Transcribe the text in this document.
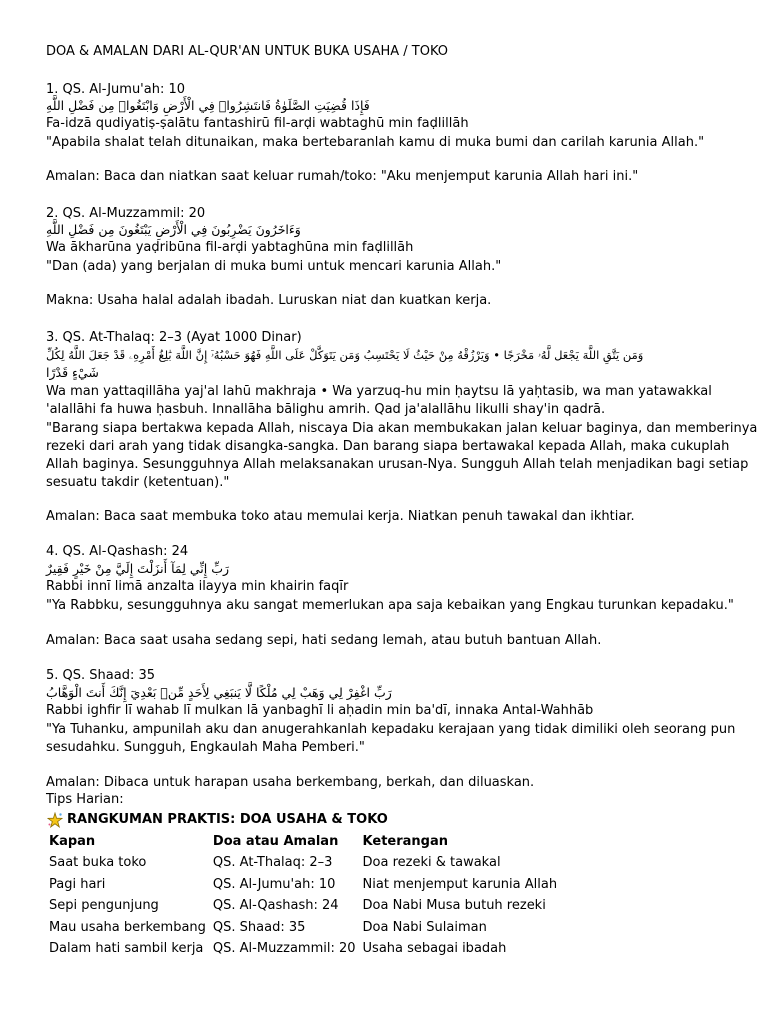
DOA & AMALAN DARI AL-QUR'AN UNTUK BUKA USAHA / TOKO
1. QS. Al-Jumu'ah: 10
فَإِذَا قُضِيَتِ الصَّلَوٰةُ فَانتَشِرُوا۟ فِي الْأَرْضِ وَابْتَغُوا۟ مِن فَضْلِ اللَّهِ
Fa-idzā qudiyatiṣ-ṣalātu fantashirū fil-arḍi wabtaghū min faḍlillāh
"Apabila shalat telah ditunaikan, maka bertebaranlah kamu di muka bumi dan carilah karunia Allah."
Amalan: Baca dan niatkan saat keluar rumah/toko: "Aku menjemput karunia Allah hari ini."
2. QS. Al-Muzzammil: 20
وَءَاخَرُونَ يَضْرِبُونَ فِي الْأَرْضِ يَبْتَغُونَ مِن فَضْلِ اللَّهِ
Wa ākharūna yaḍribūna fil-arḍi yabtaghūna min faḍlillāh
"Dan (ada) yang berjalan di muka bumi untuk mencari karunia Allah."
Makna: Usaha halal adalah ibadah. Luruskan niat dan kuatkan kerja.
3. QS. At-Thalaq: 2–3 (Ayat 1000 Dinar)
وَمَن يَتَّقِ اللَّهَ يَجْعَل لَّهُۥ مَخْرَجًا • وَيَرْزُقْهُ مِنْ حَيْثُ لَا يَحْتَسِبُ وَمَن يَتَوَكَّلْ عَلَى اللَّهِ فَهُوَ حَسْبُهُۥٓ إِنَّ اللَّهَ بَٰلِغُ أَمْرِهِۦ قَدْ جَعَلَ اللَّهُ لِكُلِّ
شَيْءٍ قَدْرًا
Wa man yattaqillāha yaj'al lahū makhraja • Wa yarzuq-hu min ḥaytsu lā yaḥtasib, wa man yatawakkal
'alallāhi fa huwa ḥasbuh. Innallāha bālighu amrih. Qad ja'alallāhu likulli shay'in qadrā.
"Barang siapa bertakwa kepada Allah, niscaya Dia akan membukakan jalan keluar baginya, dan memberinya
rezeki dari arah yang tidak disangka-sangka. Dan barang siapa bertawakal kepada Allah, maka cukuplah
Allah baginya. Sesungguhnya Allah melaksanakan urusan-Nya. Sungguh Allah telah menjadikan bagi setiap
sesuatu takdir (ketentuan)."
Amalan: Baca saat membuka toko atau memulai kerja. Niatkan penuh tawakal dan ikhtiar.
4. QS. Al-Qashash: 24
رَبِّ إِنِّي لِمَآ أَنزَلْتَ إِلَيَّ مِنْ خَيْرٍ فَقِيرٌ
Rabbi innī limā anzalta ilayya min khairin faqīr
"Ya Rabbku, sesungguhnya aku sangat memerlukan apa saja kebaikan yang Engkau turunkan kepadaku."
Amalan: Baca saat usaha sedang sepi, hati sedang lemah, atau butuh bantuan Allah.
5. QS. Shaad: 35
رَبِّ اغْفِرْ لِي وَهَبْ لِي مُلْكًا لَّا يَنبَغِي لِأَحَدٍ مِّنۢ بَعْدِيٓ إِنَّكَ أَنتَ الْوَهَّابُ
Rabbi ighfir lī wahab lī mulkan lā yanbaghī li aḥadin min ba'dī, innaka Antal-Wahhāb
"Ya Tuhanku, ampunilah aku dan anugerahkanlah kepadaku kerajaan yang tidak dimiliki oleh seorang pun
sesudahku. Sungguh, Engkaulah Maha Pemberi."
Amalan: Dibaca untuk harapan usaha berkembang, berkah, dan diluaskan.
Tips Harian:
RANGKUMAN PRAKTIS: DOA USAHA & TOKO
Kapan	Doa atau Amalan	Keterangan
Saat buka toko	QS. At-Thalaq: 2–3	Doa rezeki & tawakal
Pagi hari	QS. Al-Jumu'ah: 10	Niat menjemput karunia Allah
Sepi pengunjung	QS. Al-Qashash: 24	Doa Nabi Musa butuh rezeki
Mau usaha berkembang	QS. Shaad: 35	Doa Nabi Sulaiman
Dalam hati sambil kerja	QS. Al-Muzzammil: 20	Usaha sebagai ibadah
